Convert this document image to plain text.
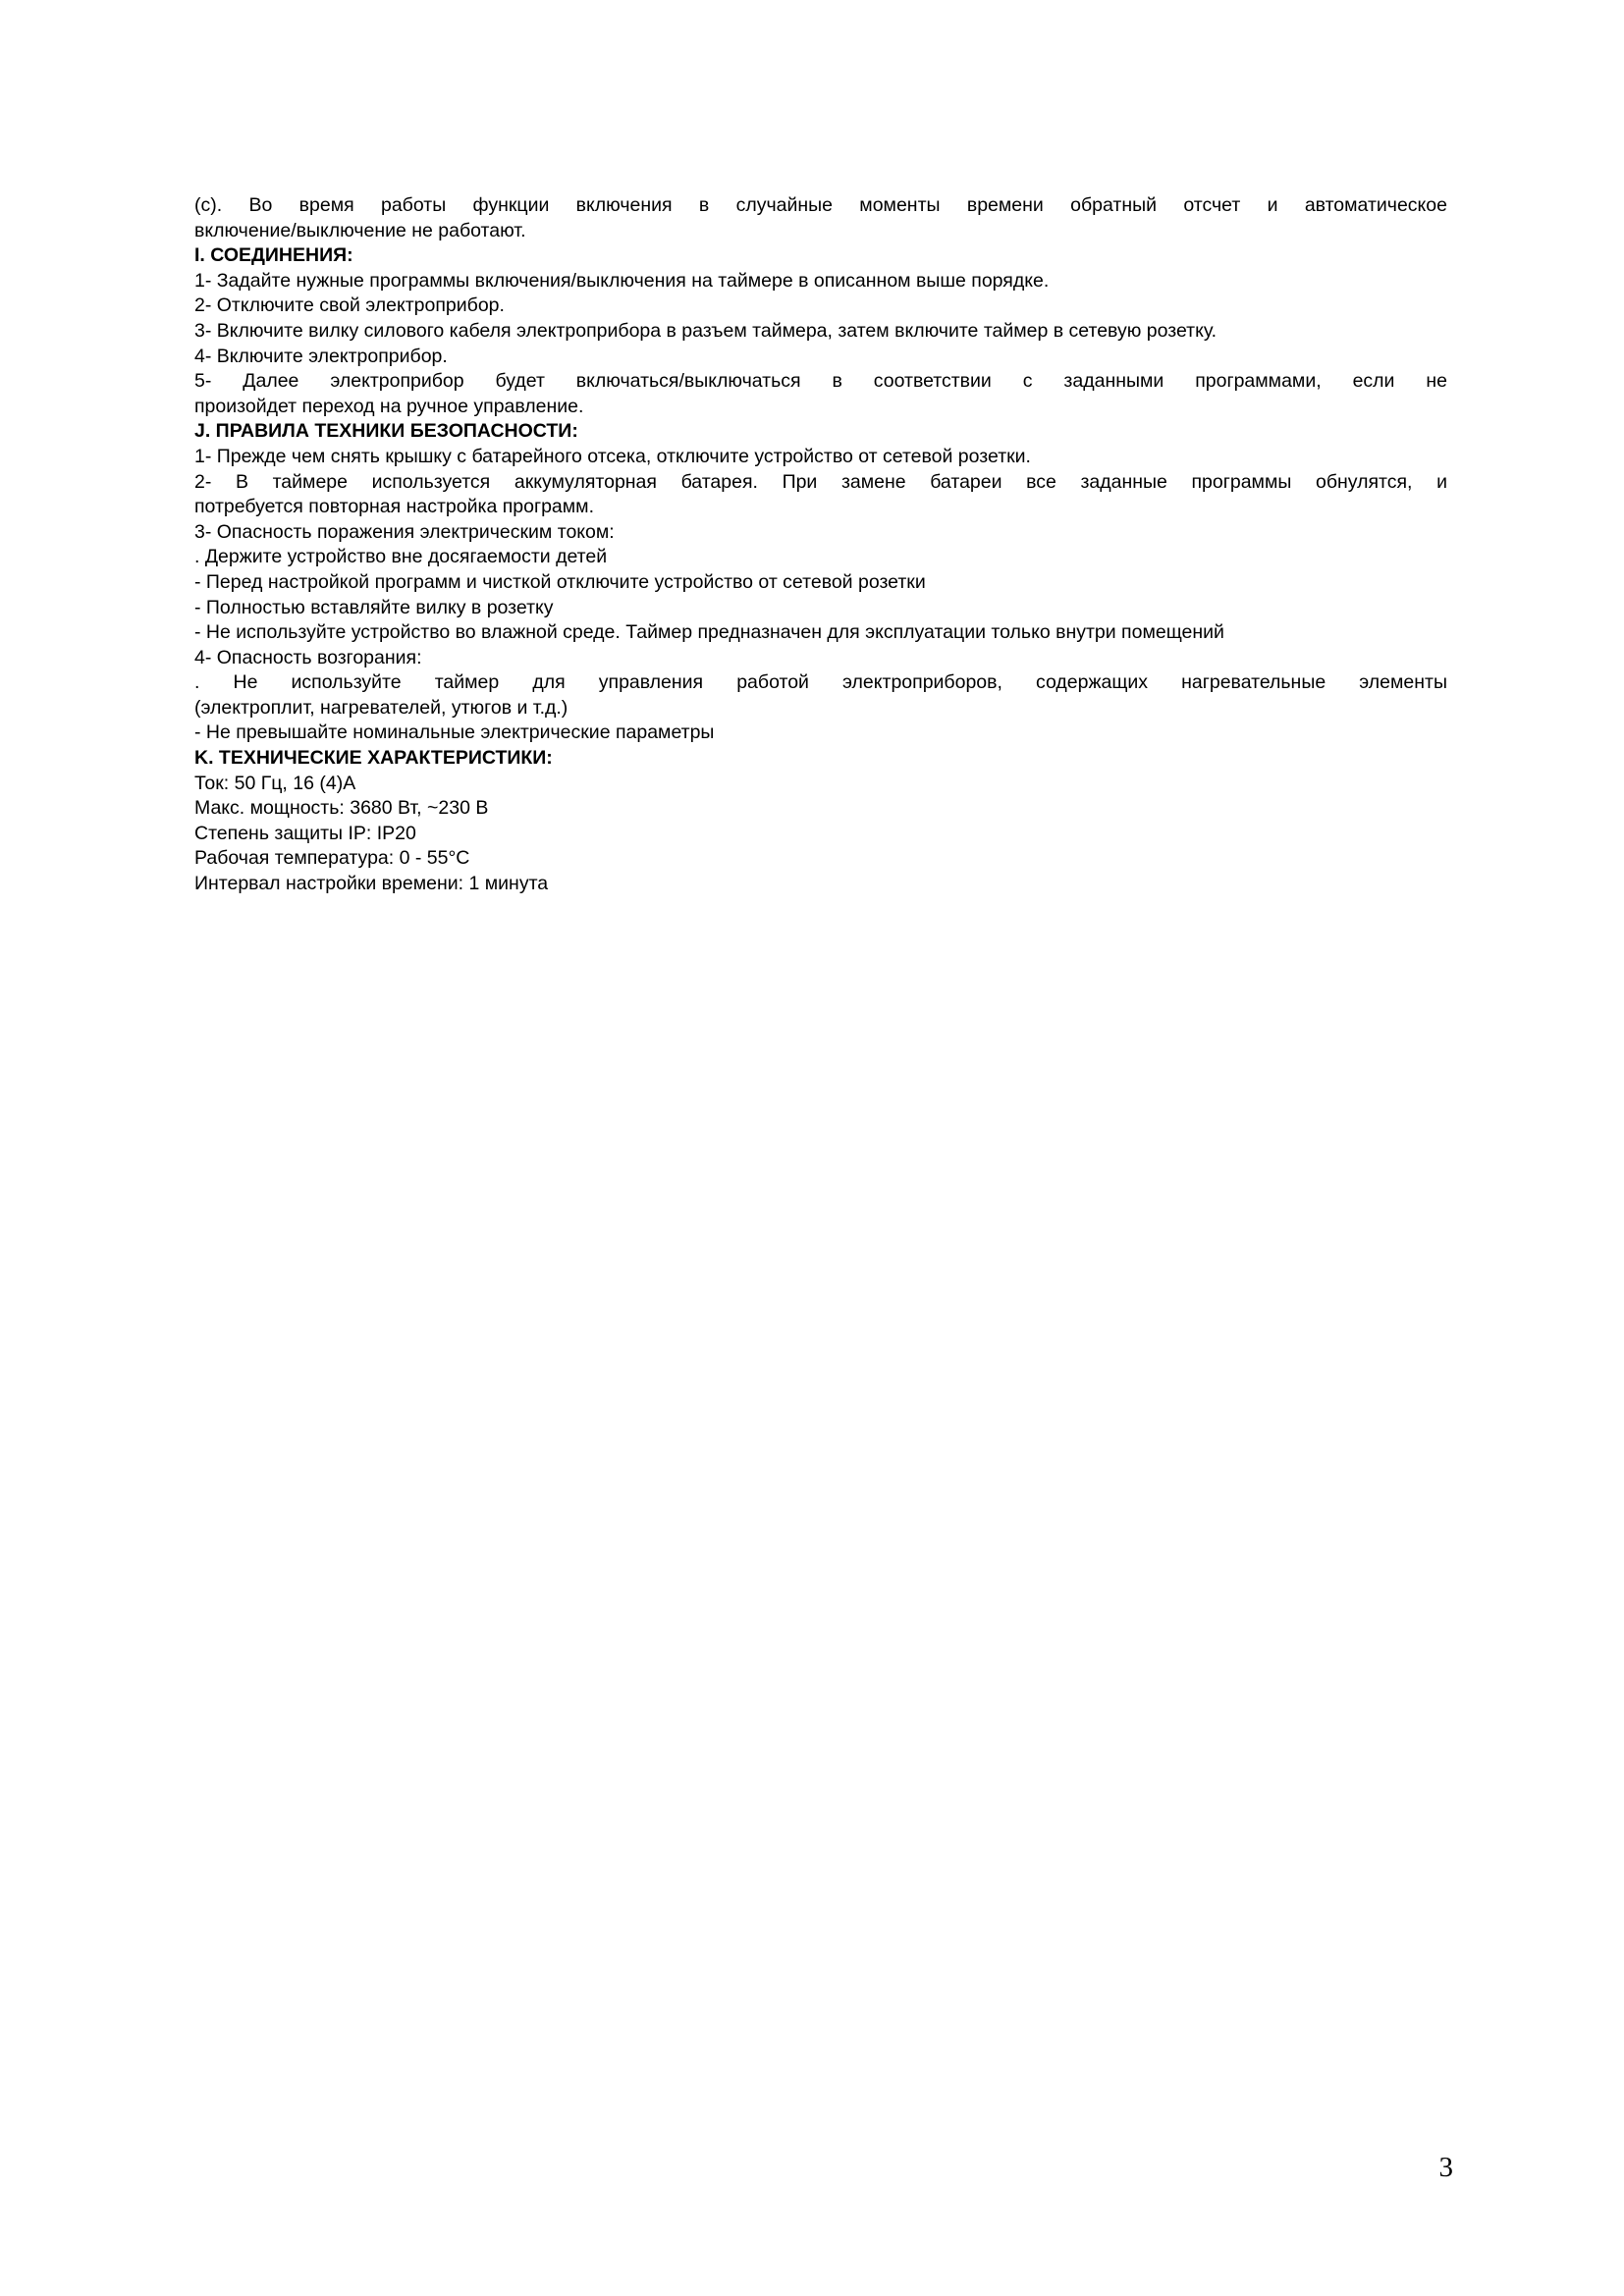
(c). Во время работы функции включения в случайные моменты времени обратный отсчет и автоматическое

включение/выключение не работают.

I. СОЕДИНЕНИЯ:

1- Задайте нужные программы включения/выключения на таймере в описанном выше порядке.

2- Отключите свой электроприбор.

3- Включите вилку силового кабеля электроприбора в разъем таймера, затем включите таймер в сетевую розетку.

4- Включите электроприбор.

5- Далее электроприбор будет включаться/выключаться в соответствии с заданными программами, если не

произойдет переход на ручное управление.

J. ПРАВИЛА ТЕХНИКИ БЕЗОПАСНОСТИ:

1- Прежде чем снять крышку с батарейного отсека, отключите устройство от сетевой розетки.

2- В таймере используется аккумуляторная батарея. При замене батареи все заданные программы обнулятся, и

потребуется повторная настройка программ.

3- Опасность поражения электрическим током:

. Держите устройство вне досягаемости детей

- Перед настройкой программ и чисткой отключите устройство от сетевой розетки

- Полностью вставляйте вилку в розетку

- Не используйте устройство во влажной среде. Таймер предназначен для эксплуатации только внутри помещений

4- Опасность возгорания:

. Не используйте таймер для управления работой электроприборов, содержащих нагревательные элементы

(электроплит, нагревателей, утюгов и т.д.)

- Не превышайте номинальные электрические параметры

K. ТЕХНИЧЕСКИЕ ХАРАКТЕРИСТИКИ:

Ток: 50 Гц, 16 (4)A

Макс. мощность: 3680 Вт, ~230 В

Степень защиты IP: IP20

Рабочая температура: 0 - 55°C

Интервал настройки времени: 1 минута

3
